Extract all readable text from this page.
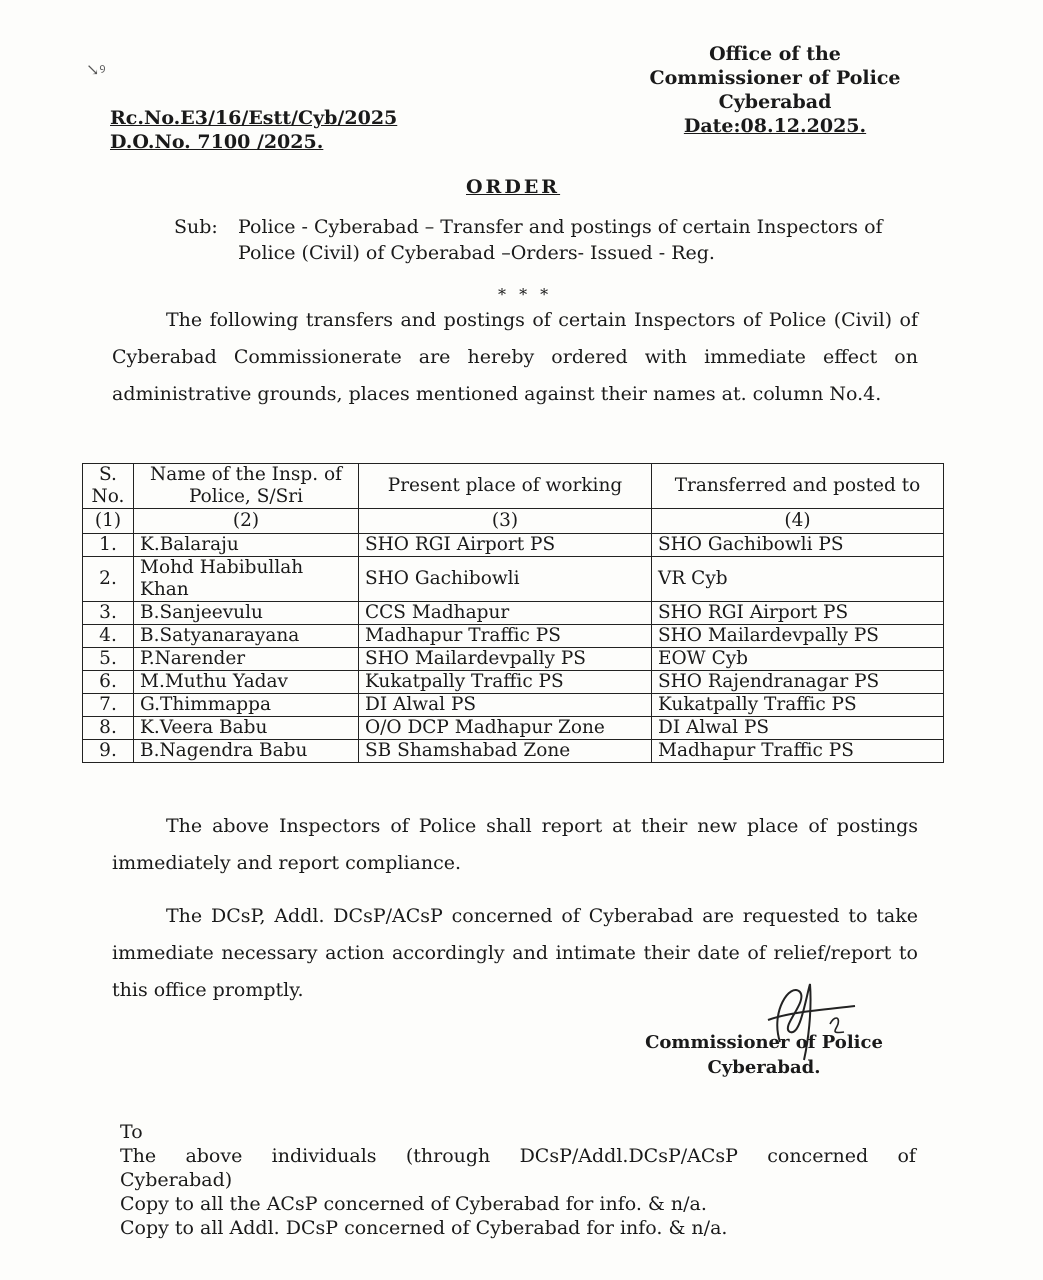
↘ꝰ
Office of the
Commissioner of Police
Cyberabad
Date:08.12.2025.
Rc.No.E3/16/Estt/Cyb/2025
D.O.No. 7100 /2025.
ORDER
Sub:	Police - Cyberabad – Transfer and postings of certain Inspectors of Police (Civil) of Cyberabad –Orders- Issued - Reg.
* * *
The following transfers and postings of certain Inspectors of Police (Civil) of Cyberabad Commissionerate are hereby ordered with immediate effect on administrative grounds, places mentioned against their names at. column No.4.
S. No.	Name of the Insp. of Police, S/Sri	Present place of working	Transferred and posted to
(1)	(2)	(3)	(4)
1.	K.Balaraju	SHO RGI Airport PS	SHO Gachibowli PS
2.	Mohd Habibullah Khan	SHO Gachibowli	VR Cyb
3.	B.Sanjeevulu	CCS Madhapur	SHO RGI Airport PS
4.	B.Satyanarayana	Madhapur Traffic PS	SHO Mailardevpally PS
5.	P.Narender	SHO Mailardevpally PS	EOW Cyb
6.	M.Muthu Yadav	Kukatpally Traffic PS	SHO Rajendranagar PS
7.	G.Thimmappa	DI Alwal PS	Kukatpally Traffic PS
8.	K.Veera Babu	O/O DCP Madhapur Zone	DI Alwal PS
9.	B.Nagendra Babu	SB Shamshabad Zone	Madhapur Traffic PS
The above Inspectors of Police shall report at their new place of postings immediately and report compliance.
The DCsP, Addl. DCsP/ACsP concerned of Cyberabad are requested to take immediate necessary action accordingly and intimate their date of relief/report to this office promptly.
Commissioner of Police
Cyberabad.
To
The above individuals (through DCsP/Addl.DCsP/ACsP concerned of
Cyberabad)
Copy to all the ACsP concerned of Cyberabad for info. & n/a.
Copy to all Addl. DCsP concerned of Cyberabad for info. & n/a.
